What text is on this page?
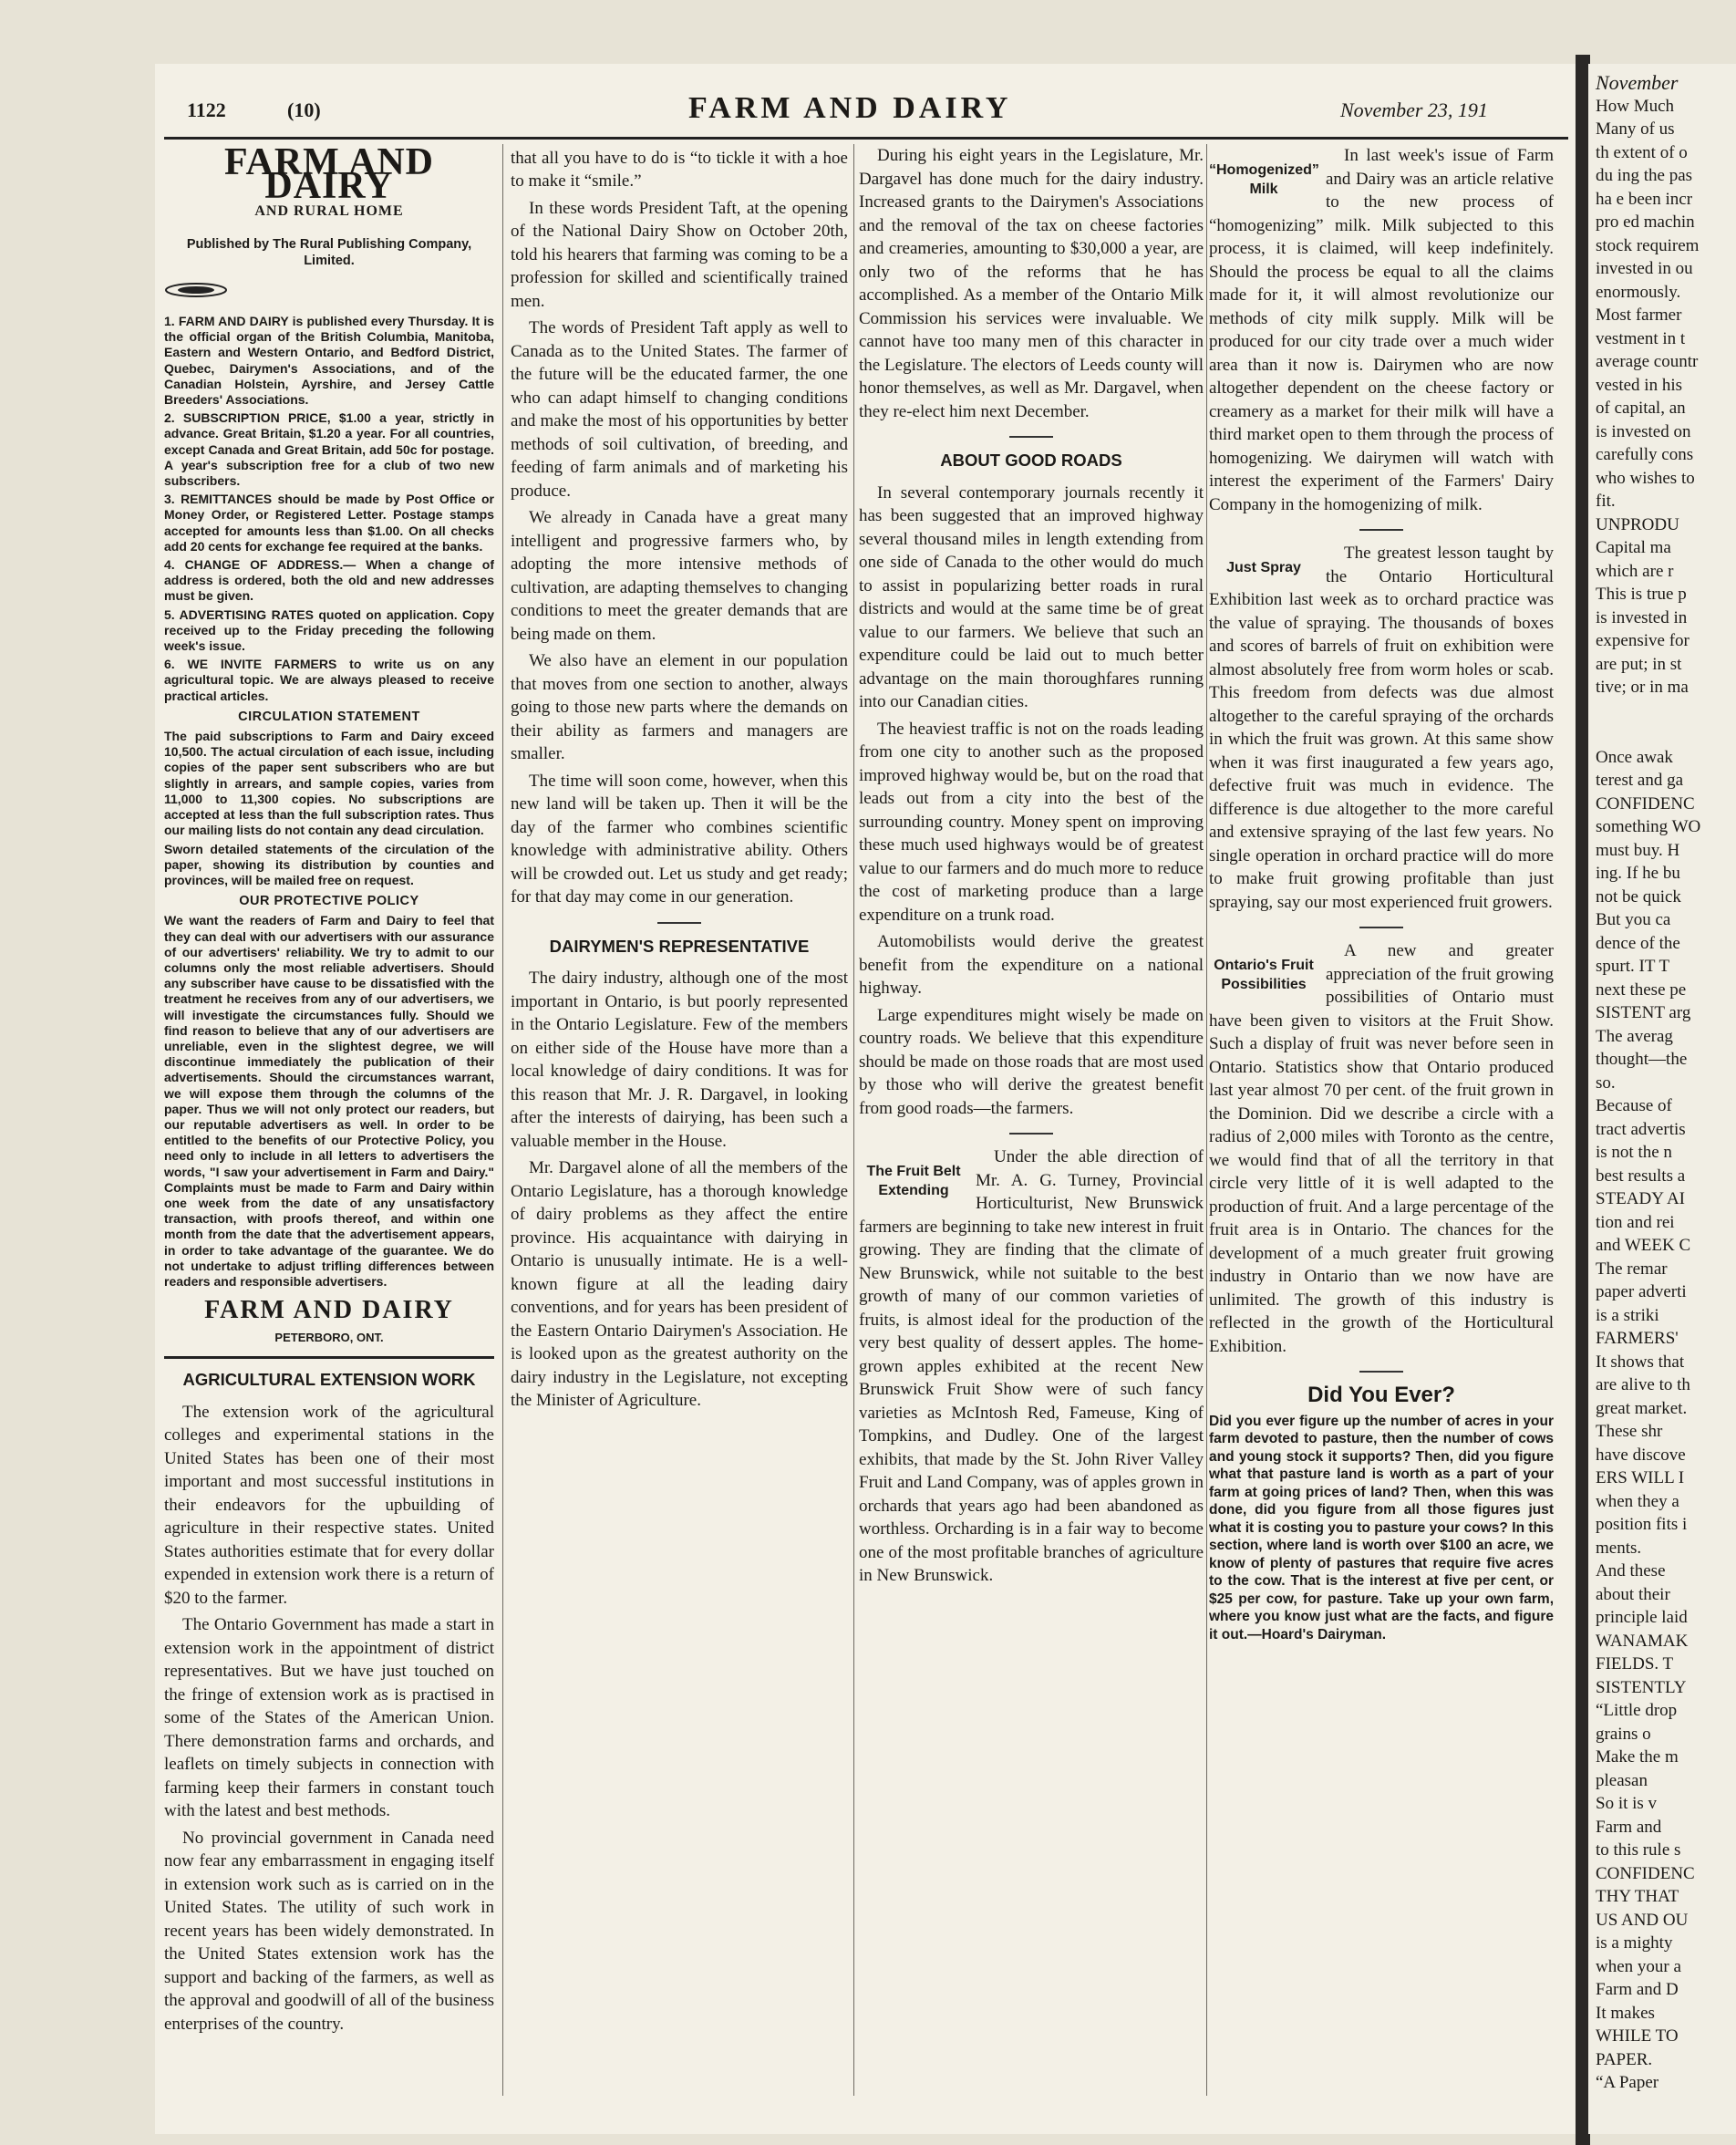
1122	(10)	FARM AND DAIRY	November 23, 191
FARM AND DAIRY
AND RURAL HOME
Published by The Rural Publishing Company, Limited.

1. FARM AND DAIRY is published every Thursday. It is the official organ of the British Columbia, Manitoba, Eastern and Western Ontario, and Bedford District, Quebec, Dairymen's Associations, and of the Canadian Holstein, Ayrshire, and Jersey Cattle Breeders' Associations.

2. SUBSCRIPTION PRICE, $1.00 a year, strictly in advance. Great Britain, $1.20 a year. For all countries, except Canada and Great Britain, add 50c for postage. A year's subscription free for a club of two new subscribers.

3. REMITTANCES should be made by Post Office or Money Order, or Registered Letter. Postage stamps accepted for amounts less than $1.00. On all checks add 20 cents for exchange fee required at the banks.

4. CHANGE OF ADDRESS.— When a change of address is ordered, both the old and new addresses must be given.

5. ADVERTISING RATES quoted on application. Copy received up to the Friday preceding the following week's issue.

6. WE INVITE FARMERS to write us on any agricultural topic. We are always pleased to receive practical articles.

CIRCULATION STATEMENT

The paid subscriptions to Farm and Dairy exceed 10,500. The actual circulation of each issue, including copies of the paper sent subscribers who are but slightly in arrears, and sample copies, varies from 11,000 to 11,300 copies. No subscriptions are accepted at less than the full subscription rates. Thus our mailing lists do not contain any dead circulation.

Sworn detailed statements of the circulation of the paper, showing its distribution by counties and provinces, will be mailed free on request.

OUR PROTECTIVE POLICY

We want the readers of Farm and Dairy to feel that they can deal with our advertisers with our assurance of our advertisers' reliability. We try to admit to our columns only the most reliable advertisers. Should any subscriber have cause to be dissatisfied with the treatment he receives from any of our advertisers, we will investigate the circumstances fully. Should we find reason to believe that any of our advertisers are unreliable, even in the slightest degree, we will discontinue immediately the publication of their advertisements. Should the circumstances warrant, we will expose them through the columns of the paper. Thus we will not only protect our readers, but our reputable advertisers as well. In order to be entitled to the benefits of our Protective Policy, you need only to include in all letters to advertisers the words, "I saw your advertisement in Farm and Dairy." Complaints must be made to Farm and Dairy within one week from the date of any unsatisfactory transaction, with proofs thereof, and within one month from the date that the advertisement appears, in order to take advantage of the guarantee. We do not undertake to adjust trifling differences between readers and responsible advertisers.

FARM AND DAIRY
PETERBORO, ONT.
AGRICULTURAL EXTENSION WORK

The extension work of the agricultural colleges and experimental stations in the United States has been one of their most important and most successful institutions in their endeavors for the upbuilding of agriculture in their respective states. United States authorities estimate that for every dollar expended in extension work there is a return of $20 to the farmer.

The Ontario Government has made a start in extension work in the appointment of district representatives. But we have just touched on the fringe of extension work as is practised in some of the States of the American Union. There demonstration farms and orchards, and leaflets on timely subjects in connection with farming keep their farmers in constant touch with the latest and best methods.

No provincial government in Canada need now fear any embarrassment in engaging itself in extension work such as is carried on in the United States. The utility of such work in recent years has been widely demonstrated. In the United States extension work has the support and backing of the farmers, as well as the approval and goodwill of all of the business enterprises of the country.

that all you have to do is “to tickle it with a hoe to make it “smile.”

In these words President Taft, at the opening of the National Dairy Show on October 20th, told his hearers that farming was coming to be a profession for skilled and scientifically trained men.

The words of President Taft apply as well to Canada as to the United States. The farmer of the future will be the educated farmer, the one who can adapt himself to changing conditions and make the most of his opportunities by better methods of soil cultivation, of breeding, and feeding of farm animals and of marketing his produce.

We already in Canada have a great many intelligent and progressive farmers who, by adopting the more intensive methods of cultivation, are adapting themselves to changing conditions to meet the greater demands that are being made on them.

We also have an element in our population that moves from one section to another, always going to those new parts where the demands on their ability as farmers and managers are smaller.

The time will soon come, however, when this new land will be taken up. Then it will be the day of the farmer who combines scientific knowledge with administrative ability. Others will be crowded out. Let us study and get ready; for that day may come in our generation.

DAIRYMEN'S REPRESENTATIVE

The dairy industry, although one of the most important in Ontario, is but poorly represented in the Ontario Legislature. Few of the members on either side of the House have more than a local knowledge of dairy conditions. It was for this reason that Mr. J. R. Dargavel, in looking after the interests of dairying, has been such a valuable member in the House.

Mr. Dargavel alone of all the members of the Ontario Legislature, has a thorough knowledge of dairy problems as they affect the entire province. His acquaintance with dairying in Ontario is unusually intimate. He is a well-known figure at all the leading dairy conventions, and for years has been president of the Eastern Ontario Dairymen's Association. He is looked upon as the greatest authority on the dairy industry in the Legislature, not excepting the Minister of Agriculture.

During his eight years in the Legislature, Mr. Dargavel has done much for the dairy industry. Increased grants to the Dairymen's Associations and the removal of the tax on cheese factories and creameries, amounting to $30,000 a year, are only two of the reforms that he has accomplished. As a member of the Ontario Milk Commission his services were invaluable. We cannot have too many men of this character in the Legislature. The electors of Leeds county will honor themselves, as well as Mr. Dargavel, when they re-elect him next December.

ABOUT GOOD ROADS

In several contemporary journals recently it has been suggested that an improved highway several thousand miles in length extending from one side of Canada to the other would do much to assist in popularizing better roads in rural districts and would at the same time be of great value to our farmers. We believe that such an expenditure could be laid out to much better advantage on the main thoroughfares running into our Canadian cities.

The heaviest traffic is not on the roads leading from one city to another such as the proposed improved highway would be, but on the road that leads out from a city into the best of the surrounding country. Money spent on improving these much used highways would be of greatest value to our farmers and do much more to reduce the cost of marketing produce than a large expenditure on a trunk road.

Automobilists would derive the greatest benefit from the expenditure on a national highway.

Large expenditures might wisely be made on country roads. We believe that this expenditure should be made on those roads that are most used by those who will derive the greatest benefit from good roads—the farmers.

The Fruit Belt Extending

Under the able direction of Mr. A. G. Turney, Provincial Horticulturist, New Brunswick farmers are beginning to take new interest in fruit growing. They are finding that the climate of New Brunswick, while not suitable to the best growth of many of our common varieties of fruits, is almost ideal for the production of the very best quality of dessert apples. The home-grown apples exhibited at the recent New Brunswick Fruit Show were of such fancy varieties as McIntosh Red, Fameuse, King of Tompkins, and Dudley. One of the largest exhibits, that made by the St. John River Valley Fruit and Land Company, was of apples grown in orchards that years ago had been abandoned as worthless. Orcharding is in a fair way to become one of the most profitable branches of agriculture in New Brunswick.

“Homogenized” Milk

In last week's issue of Farm and Dairy was an article relative to the new process of “homogenizing” milk. Milk subjected to this process, it is claimed, will keep indefinitely. Should the process be equal to all the claims made for it, it will almost revolutionize our methods of city milk supply. Milk will be produced for our city trade over a much wider area than it now is. Dairymen who are now altogether dependent on the cheese factory or creamery as a market for their milk will have a third market open to them through the process of homogenizing. We dairymen will watch with interest the experiment of the Farmers' Dairy Company in the homogenizing of milk.

Just Spray

The greatest lesson taught by the Ontario Horticultural Exhibition last week as to orchard practice was the value of spraying. The thousands of boxes and scores of barrels of fruit on exhibition were almost absolutely free from worm holes or scab. This freedom from defects was due almost altogether to the careful spraying of the orchards in which the fruit was grown. At this same show when it was first inaugurated a few years ago, defective fruit was much in evidence. The difference is due altogether to the more careful and extensive spraying of the last few years. No single operation in orchard practice will do more to make fruit growing profitable than just spraying, say our most experienced fruit growers.

Ontario's Fruit Possibilities

A new and greater appreciation of the fruit growing possibilities of Ontario must have been given to visitors at the Fruit Show. Such a display of fruit was never before seen in Ontario. Statistics show that Ontario produced last year almost 70 per cent. of the fruit grown in the Dominion. Did we describe a circle with a radius of 2,000 miles with Toronto as the centre, we would find that of all the territory in that circle very little of it is well adapted to the production of fruit. And a large percentage of the fruit area is in Ontario. The chances for the development of a much greater fruit growing industry in Ontario than we now have are unlimited. The growth of this industry is reflected in the growth of the Horticultural Exhibition.

Did You Ever?

Did you ever figure up the number of acres in your farm devoted to pasture, then the number of cows and young stock it supports? Then, did you figure what that pasture land is worth as a part of your farm at going prices of land? Then, when this was done, did you figure from all those figures just what it is costing you to pasture your cows? In this section, where land is worth over $100 an acre, we know of plenty of pastures that require five acres to the cow. That is the interest at five per cent, or $25 per cow, for pasture. Take up your own farm, where you know just what are the facts, and figure it out.—Hoard's Dairyman.

November
How Much
Many of us
th extent of o
du ing the pas
ha e been incr
pro ed machin
stock requirem
invested in ou
enormously.
Most farmer
vestment in t
average countr
vested in his
of capital, an
is invested on
carefully cons
who wishes to
fit.
UNPRODU
Capital ma
which are r
This is true p
is invested in
expensive for
are put; in st
tive; or in ma

Once awak
terest and ga
CONFIDENC
something WO
must buy. H
ing. If he bu
not be quick
But you ca
dence of the
spurt. IT T
next these pe
SISTENT arg
The averag
thought—the
so.
Because of
tract advertis
is not the n
best results a
STEADY AI
tion and rei
and WEEK C
The remar
paper adverti
is a striki
FARMERS'
It shows that
are alive to th
great market.
These shr
have discove
ERS WILL I
when they a
position fits i
ments.
And these
about their
principle laid
WANAMAK
FIELDS. T
SISTENTLY
“Little drop
grains o
Make the m
pleasan
So it is v
Farm and
to this rule s
CONFIDENC
THY THAT
US AND OU
is a mighty
when your a
Farm and D
It makes
WHILE TO
PAPER.
“A Paper
